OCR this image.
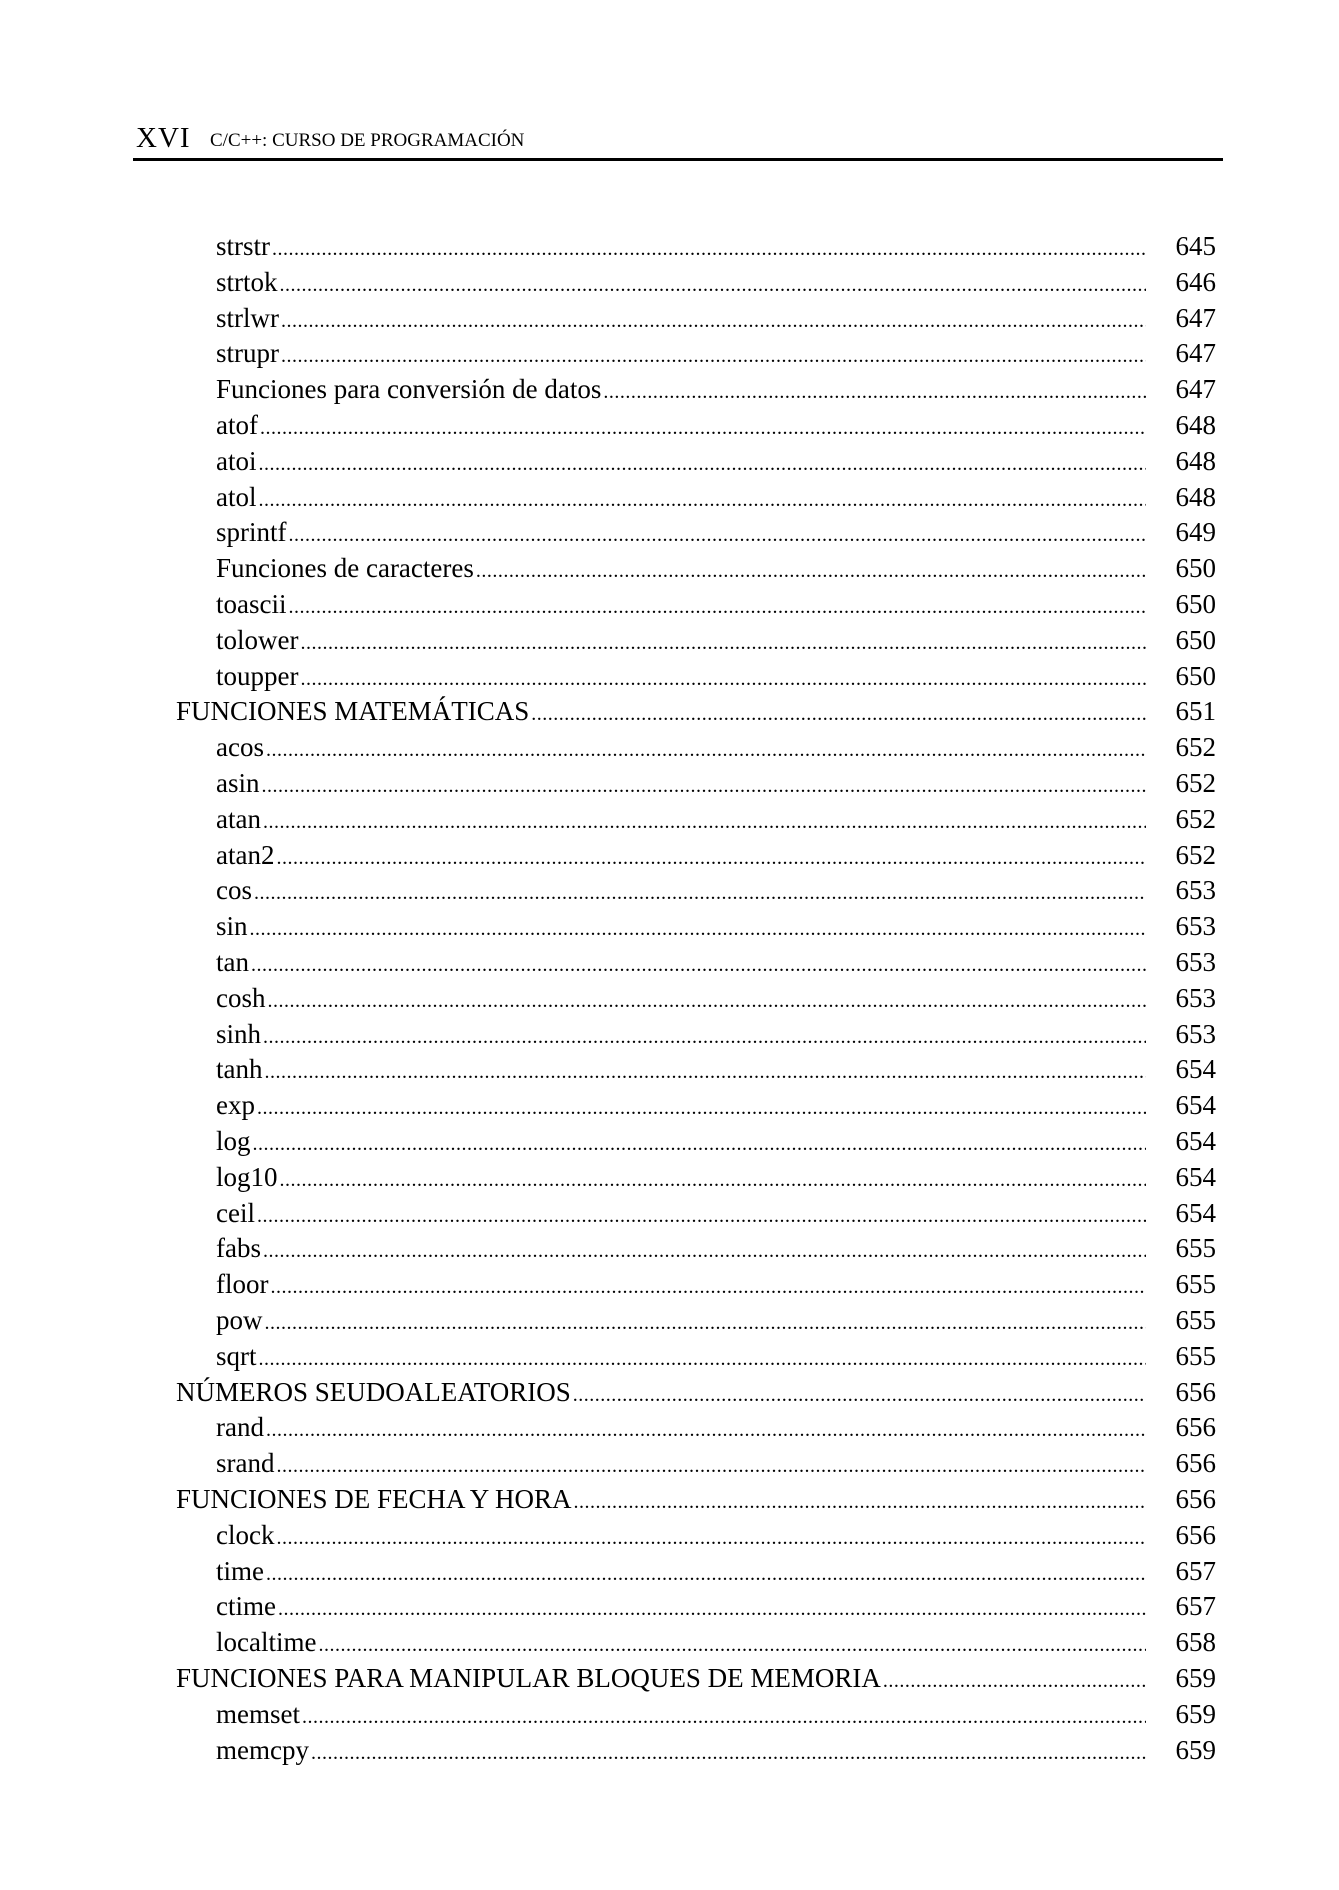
XVI C/C++: CURSO DE PROGRAMACIÓN
strstr .....	645
strtok .....	646
strlwr .....	647
strupr .....	647
Funciones para conversión de datos .....	647
atof .....	648
atoi .....	648
atol .....	648
sprintf .....	649
Funciones de caracteres .....	650
toascii .....	650
tolower .....	650
toupper .....	650
FUNCIONES MATEMÁTICAS .....	651
acos .....	652
asin .....	652
atan .....	652
atan2 .....	652
cos .....	653
sin .....	653
tan .....	653
cosh .....	653
sinh .....	653
tanh .....	654
exp .....	654
log .....	654
log10 .....	654
ceil .....	654
fabs .....	655
floor .....	655
pow .....	655
sqrt .....	655
NÚMEROS SEUDOALEATORIOS .....	656
rand .....	656
srand .....	656
FUNCIONES DE FECHA Y HORA .....	656
clock .....	656
time .....	657
ctime .....	657
localtime .....	658
FUNCIONES PARA MANIPULAR BLOQUES DE MEMORIA .....	659
memset .....	659
memcpy .....	659
